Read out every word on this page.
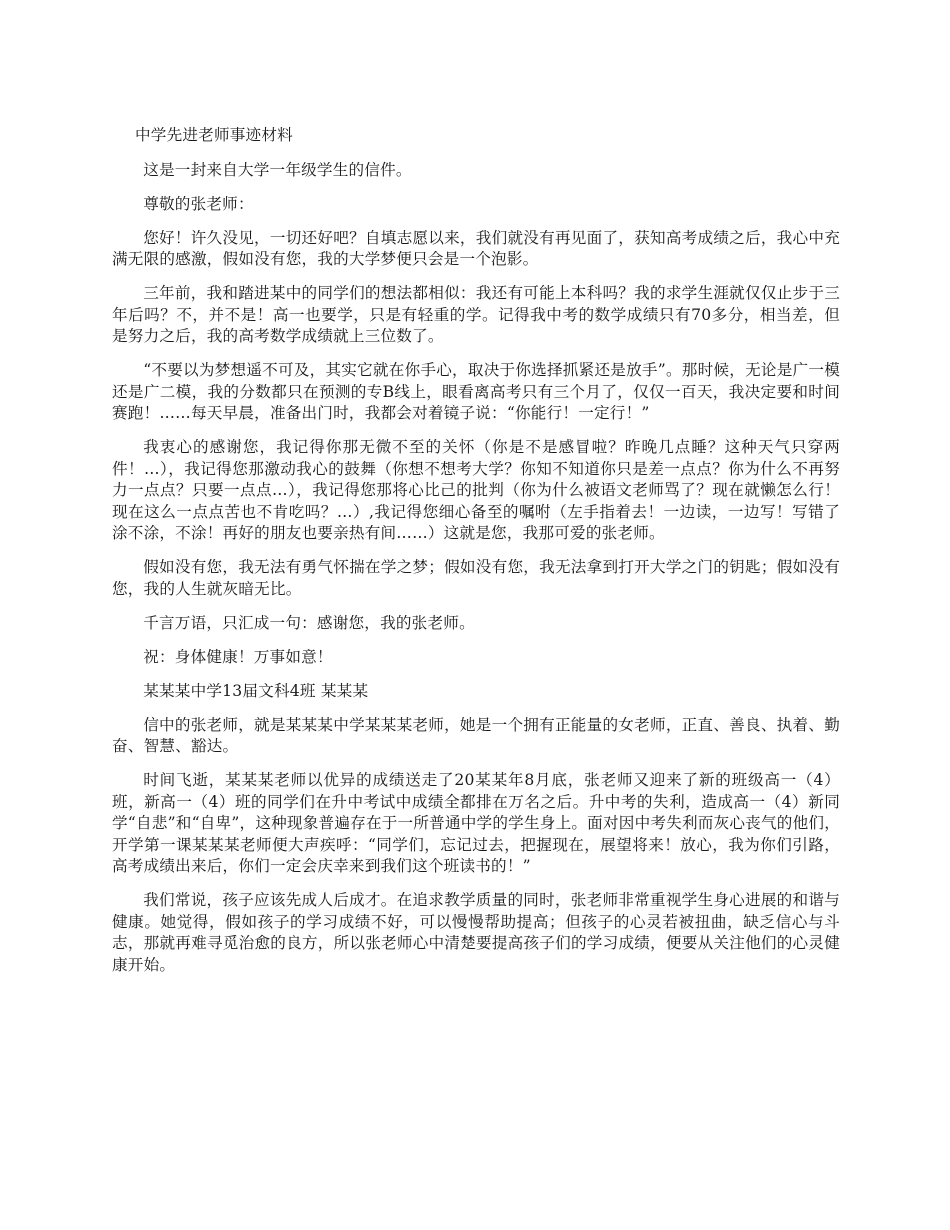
中学先进老师事迹材料

这是一封来自大学一年级学生的信件。

尊敬的张老师：

您好！许久没见，一切还好吧？自填志愿以来，我们就没有再见面了，获知高考成绩之后，我心中充满无限的感激，假如没有您，我的大学梦便只会是一个泡影。

三年前，我和踏进某中的同学们的想法都相似：我还有可能上本科吗？我的求学生涯就仅仅止步于三年后吗？不，并不是！高一也要学，只是有轻重的学。记得我中考的数学成绩只有70多分，相当差，但是努力之后，我的高考数学成绩就上三位数了。

“不要以为梦想遥不可及，其实它就在你手心，取决于你选择抓紧还是放手”。那时候，无论是广一模还是广二模，我的分数都只在预测的专B线上，眼看离高考只有三个月了，仅仅一百天，我决定要和时间赛跑！……每天早晨，准备出门时，我都会对着镜子说：“你能行！一定行！”

我衷心的感谢您，我记得你那无微不至的关怀（你是不是感冒啦？昨晚几点睡？这种天气只穿两件！…），我记得您那激动我心的鼓舞（你想不想考大学？你知不知道你只是差一点点？你为什么不再努力一点点？只要一点点…），我记得您那将心比己的批判（你为什么被语文老师骂了？现在就懒怎么行！现在这么一点点苦也不肯吃吗？…）,我记得您细心备至的嘱咐（左手指着去！一边读，一边写！写错了涂不涂，不涂！再好的朋友也要亲热有间……）这就是您，我那可爱的张老师。

假如没有您，我无法有勇气怀揣在学之梦；假如没有您，我无法拿到打开大学之门的钥匙；假如没有您，我的人生就灰暗无比。

千言万语，只汇成一句：感谢您，我的张老师。

祝：身体健康！万事如意！

某某某中学13届文科4班 某某某

信中的张老师，就是某某某中学某某某老师，她是一个拥有正能量的女老师，正直、善良、执着、勤奋、智慧、豁达。

时间飞逝，某某某老师以优异的成绩送走了20某某年8月底，张老师又迎来了新的班级高一（4）班，新高一（4）班的同学们在升中考试中成绩全都排在万名之后。升中考的失利，造成高一（4）新同学“自悲”和“自卑”，这种现象普遍存在于一所普通中学的学生身上。面对因中考失利而灰心丧气的他们，开学第一课某某某老师便大声疾呼：“同学们，忘记过去，把握现在，展望将来！放心，我为你们引路，高考成绩出来后，你们一定会庆幸来到我们这个班读书的！”

我们常说，孩子应该先成人后成才。在追求教学质量的同时，张老师非常重视学生身心进展的和谐与健康。她觉得，假如孩子的学习成绩不好，可以慢慢帮助提高；但孩子的心灵若被扭曲，缺乏信心与斗志，那就再难寻觅治愈的良方，所以张老师心中清楚要提高孩子们的学习成绩，便要从关注他们的心灵健康开始。
